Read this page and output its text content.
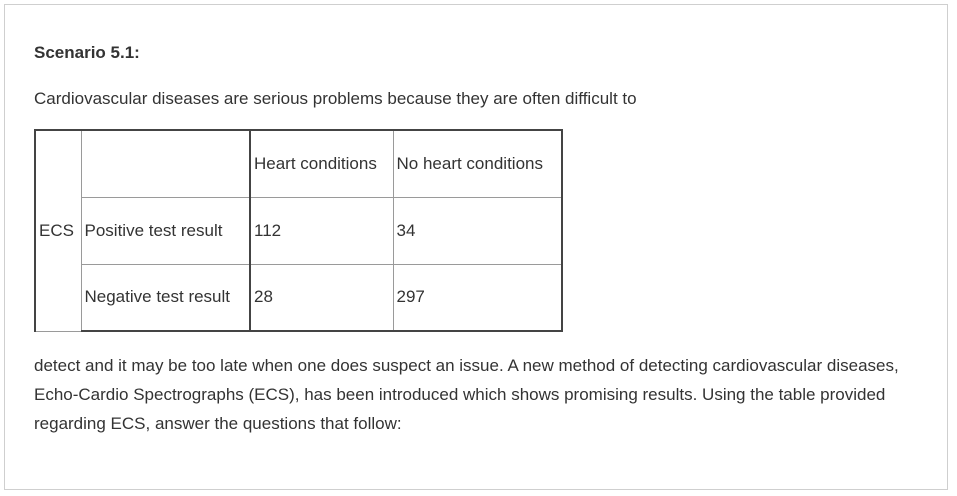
Scenario 5.1:

Cardiovascular diseases are serious problems because they are often difficult to

ECS		Heart conditions	No heart conditions
	Positive test result	112	34
	Negative test result	28	297

detect and it may be too late when one does suspect an issue. A new method of detecting cardiovascular diseases, Echo-Cardio Spectrographs (ECS), has been introduced which shows promising results. Using the table provided regarding ECS, answer the questions that follow:
